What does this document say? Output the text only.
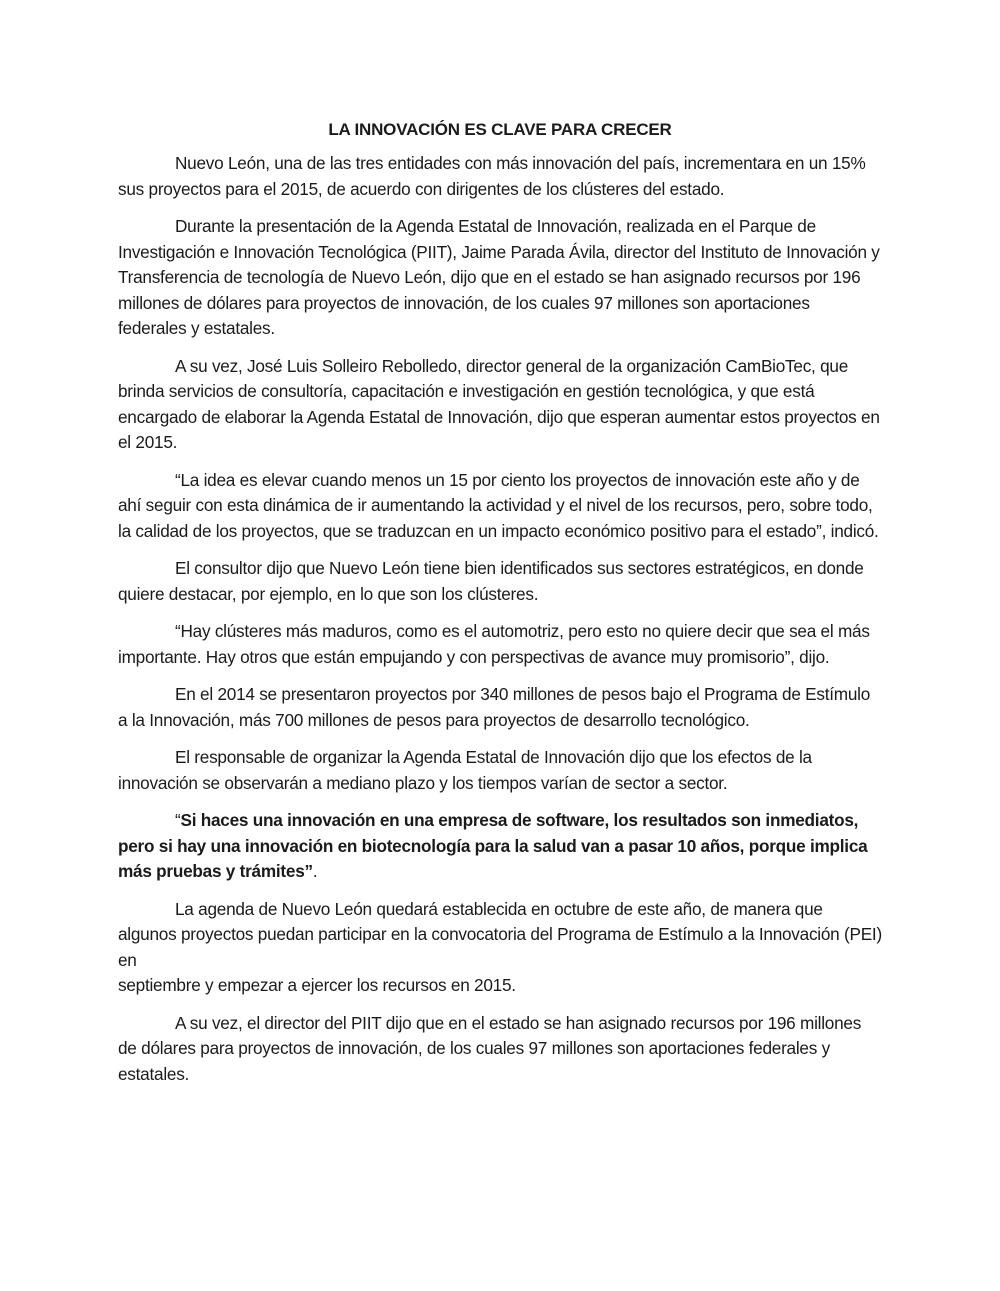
LA INNOVACIÓN ES CLAVE PARA CRECER

Nuevo León, una de las tres entidades con más innovación del país, incrementara en un 15% sus proyectos para el 2015, de acuerdo con dirigentes de los clústeres del estado.

Durante la presentación de la Agenda Estatal de Innovación, realizada en el Parque de Investigación e Innovación Tecnológica (PIIT), Jaime Parada Ávila, director del Instituto de Innovación y Transferencia de tecnología de Nuevo León, dijo que en el estado se han asignado recursos por 196 millones de dólares para proyectos de innovación, de los cuales 97 millones son aportaciones federales y estatales.

A su vez, José Luis Solleiro Rebolledo, director general de la organización CamBioTec, que brinda servicios de consultoría, capacitación e investigación en gestión tecnológica, y que está encargado de elaborar la Agenda Estatal de Innovación, dijo que esperan aumentar estos proyectos en el 2015.

“La idea es elevar cuando menos un 15 por ciento los proyectos de innovación este año y de ahí seguir con esta dinámica de ir aumentando la actividad y el nivel de los recursos, pero, sobre todo, la calidad de los proyectos, que se traduzcan en un impacto económico positivo para el estado”, indicó.

El consultor dijo que Nuevo León tiene bien identificados sus sectores estratégicos, en donde quiere destacar, por ejemplo, en lo que son los clústeres.

“Hay clústeres más maduros, como es el automotriz, pero esto no quiere decir que sea el más importante. Hay otros que están empujando y con perspectivas de avance muy promisorio”, dijo.

En el 2014 se presentaron proyectos por 340 millones de pesos bajo el Programa de Estímulo a la Innovación, más 700 millones de pesos para proyectos de desarrollo tecnológico.

El responsable de organizar la Agenda Estatal de Innovación dijo que los efectos de la innovación se observarán a mediano plazo y los tiempos varían de sector a sector.

“Si haces una innovación en una empresa de software, los resultados son inmediatos, pero si hay una innovación en biotecnología para la salud van a pasar 10 años, porque implica más pruebas y trámites”.

La agenda de Nuevo León quedará establecida en octubre de este año, de manera que algunos proyectos puedan participar en la convocatoria del Programa de Estímulo a la Innovación (PEI) en
septiembre y empezar a ejercer los recursos en 2015.

A su vez, el director del PIIT dijo que en el estado se han asignado recursos por 196 millones de dólares para proyectos de innovación, de los cuales 97 millones son aportaciones federales y estatales.
